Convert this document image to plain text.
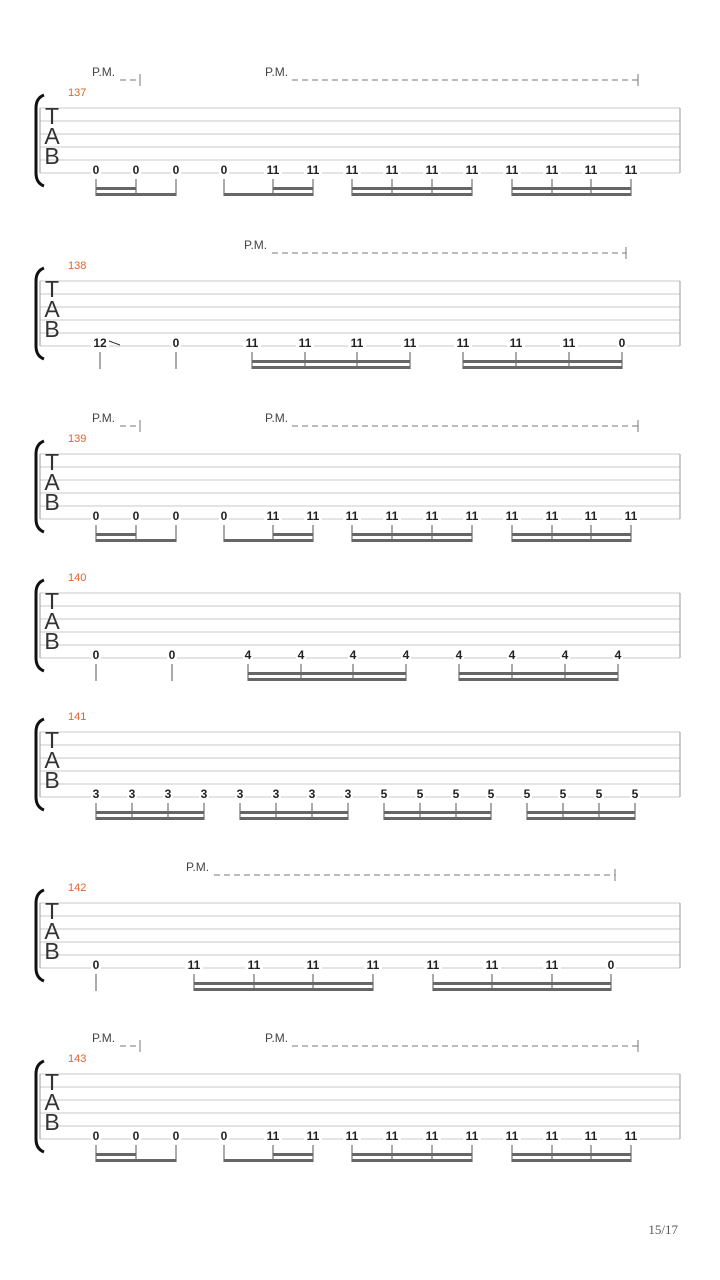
T
A
B
137
P.M.	P.M.
0	0	0	0	11 11 11 11 11 11 11 11 11 11
T
A
B
138
P.M.
12	0	11	11	11	11	11	11	11	0
T
A
B
139
P.M.	P.M.
0	0	0	0	11 11 11 11 11 11 11 11 11 11
T
A
B
140
0	0	4	4	4	4	4	4	4	4
T
A
B
141
3 3 3 3 3 3 3 3 5 5 5 5 5 5 5 5
T
A
B
142
P.M.
0	11	11	11	11	11	11	11	0
T
A
B
143
P.M.	P.M.
0	0	0	0	11 11 11 11 11 11 11 11 11 11
15/17
